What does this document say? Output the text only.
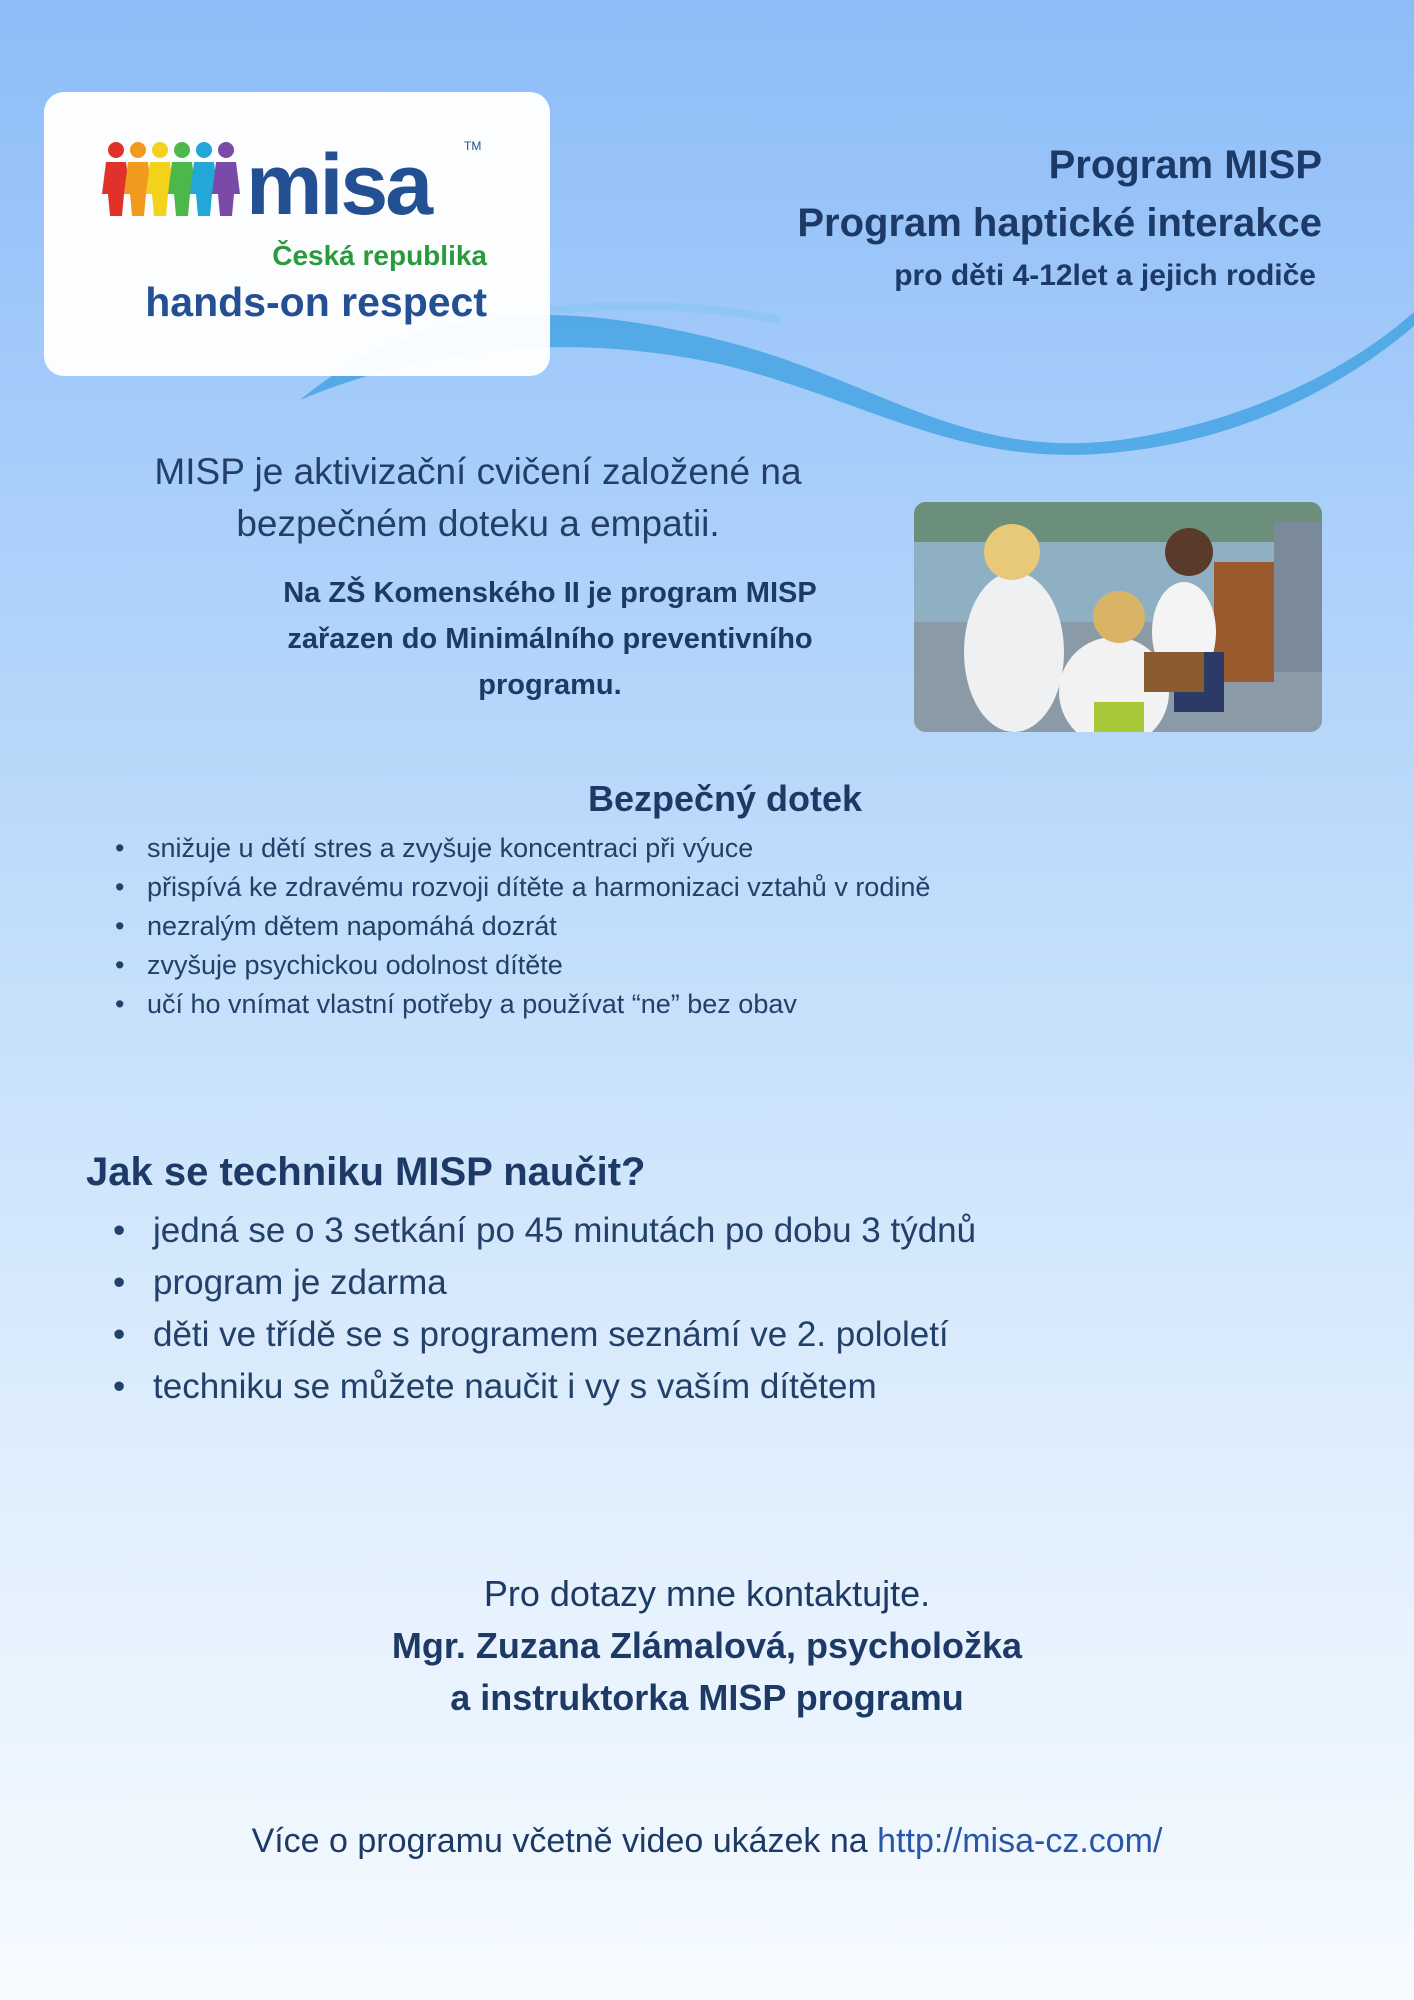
misa	TM
Česká republika
hands-on respect
Program MISP
Program haptické interakce
pro děti 4-12let a jejich rodiče
MISP je aktivizační cvičení založené na
bezpečném doteku a empatii.
Na ZŠ Komenského II je program MISP
zařazen do Minimálního preventivního
programu.
Bezpečný dotek
• snižuje u dětí stres a zvyšuje koncentraci při výuce
• přispívá ke zdravému rozvoji dítěte a harmonizaci vztahů v rodině
• nezralým dětem napomáhá dozrát
• zvyšuje psychickou odolnost dítěte
• učí ho vnímat vlastní potřeby a používat “ne” bez obav
Jak se techniku MISP naučit?
• jedná se o 3 setkání po 45 minutách po dobu 3 týdnů
• program je zdarma
• děti ve třídě se s programem seznámí ve 2. pololetí
• techniku se můžete naučit i vy s vaším dítětem
Pro dotazy mne kontaktujte.
Mgr. Zuzana Zlámalová, psycholožka
a instruktorka MISP programu
Více o programu včetně video ukázek na http://misa-cz.com/
